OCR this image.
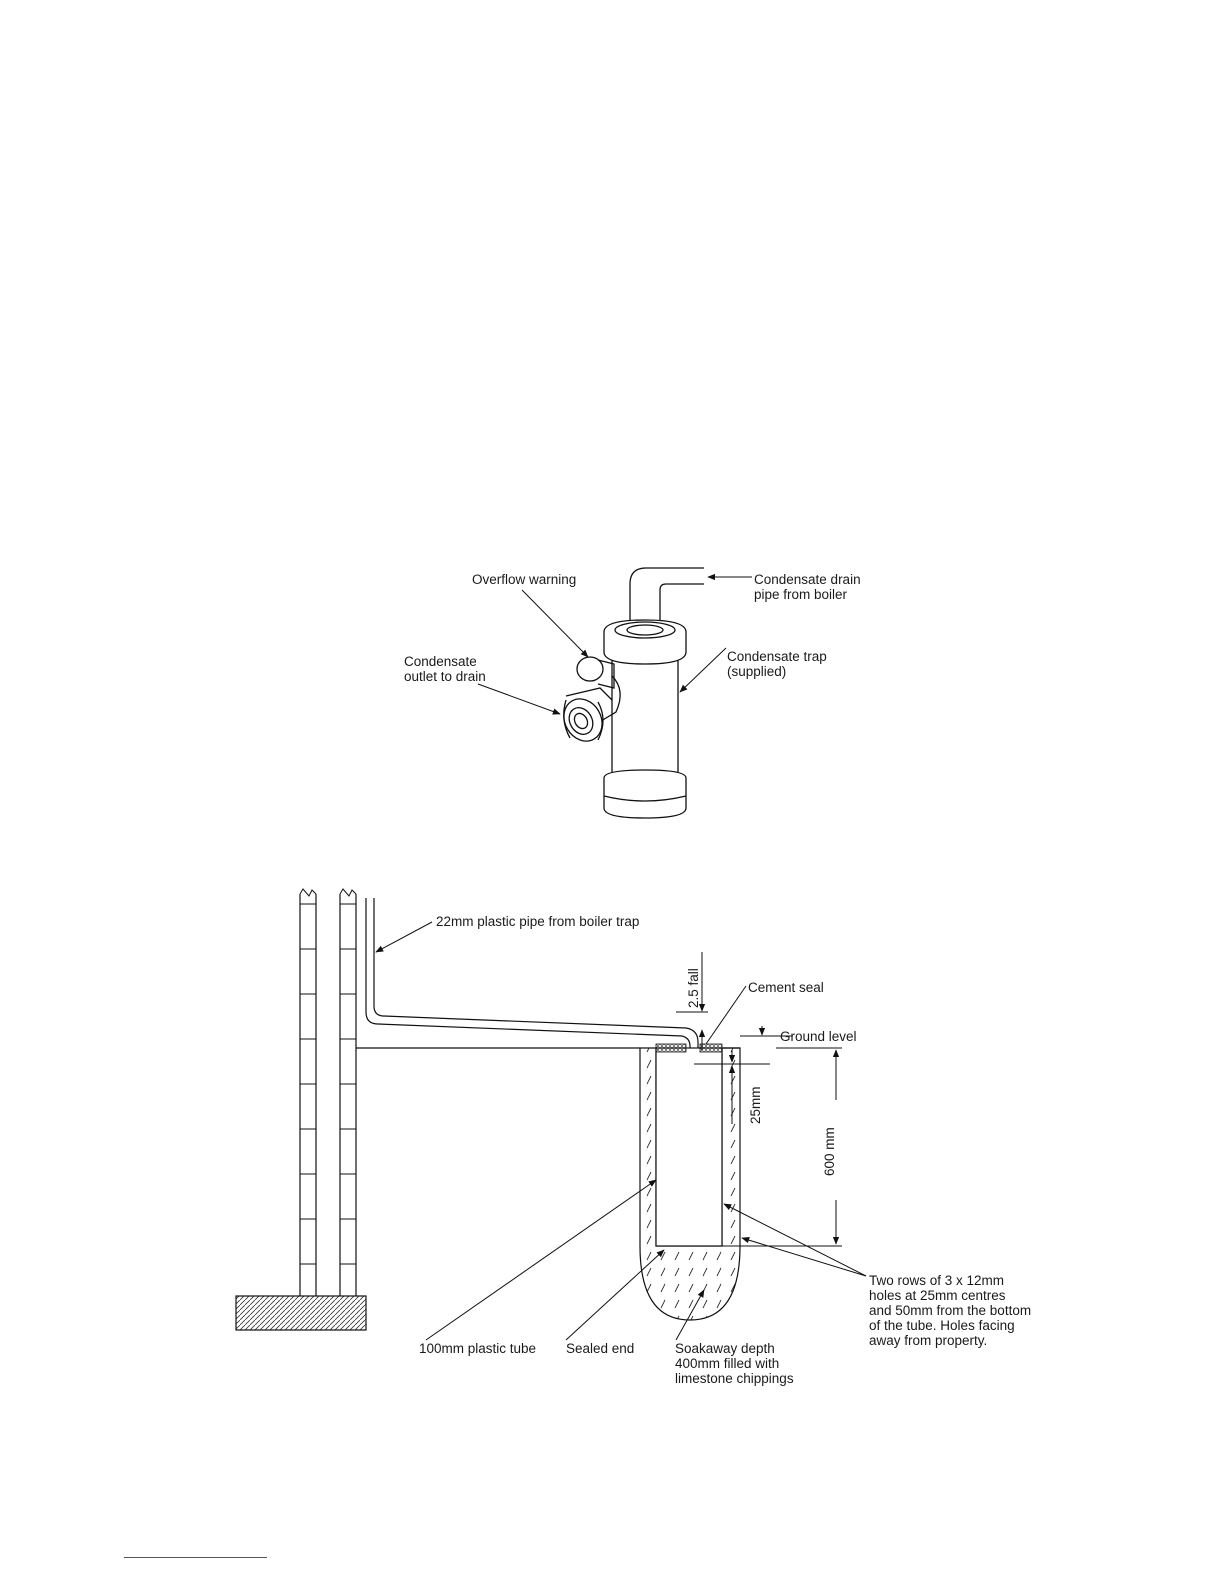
Overflow warning	Condensate drain
pipe from boiler
Condensate
outlet to drain
Condensate trap
(supplied)
22mm plastic pipe from boiler trap
2.5 fall	Cement seal
Ground level
25mm
600 mm
Two rows of 3 x 12mm
holes at 25mm centres
and 50mm from the bottom
of the tube. Holes facing
away from property.
100mm plastic tube Sealed end	Soakaway depth
400mm filled with
limestone chippings
